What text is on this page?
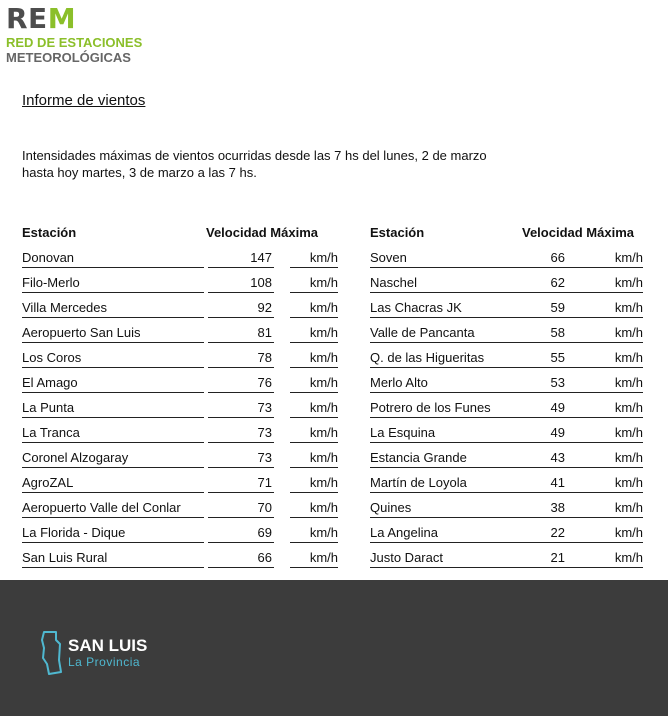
REM
RED DE ESTACIONES
METEOROLÓGICAS
Informe de vientos
Intensidades máximas de vientos ocurridas desde las 7 hs del lunes, 2 de marzo
hasta hoy martes, 3 de marzo a las 7 hs.
Estación	Velocidad Máxima
Donovan	147	km/h
Filo-Merlo	108	km/h
Villa Mercedes	92	km/h
Aeropuerto San Luis	81	km/h
Los Coros	78	km/h
El Amago	76	km/h
La Punta	73	km/h
La Tranca	73	km/h
Coronel Alzogaray	73	km/h
AgroZAL	71	km/h
Aeropuerto Valle del Conlar	70	km/h
La Florida - Dique	69	km/h
San Luis Rural	66	km/h
Estación	Velocidad Máxima
Soven	66	km/h
Naschel	62	km/h
Las Chacras JK	59	km/h
Valle de Pancanta	58	km/h
Q. de las Higueritas	55	km/h
Merlo Alto	53	km/h
Potrero de los Funes	49	km/h
La Esquina	49	km/h
Estancia Grande	43	km/h
Martín de Loyola	41	km/h
Quines	38	km/h
La Angelina	22	km/h
Justo Daract	21	km/h
SAN LUIS
La Provincia
